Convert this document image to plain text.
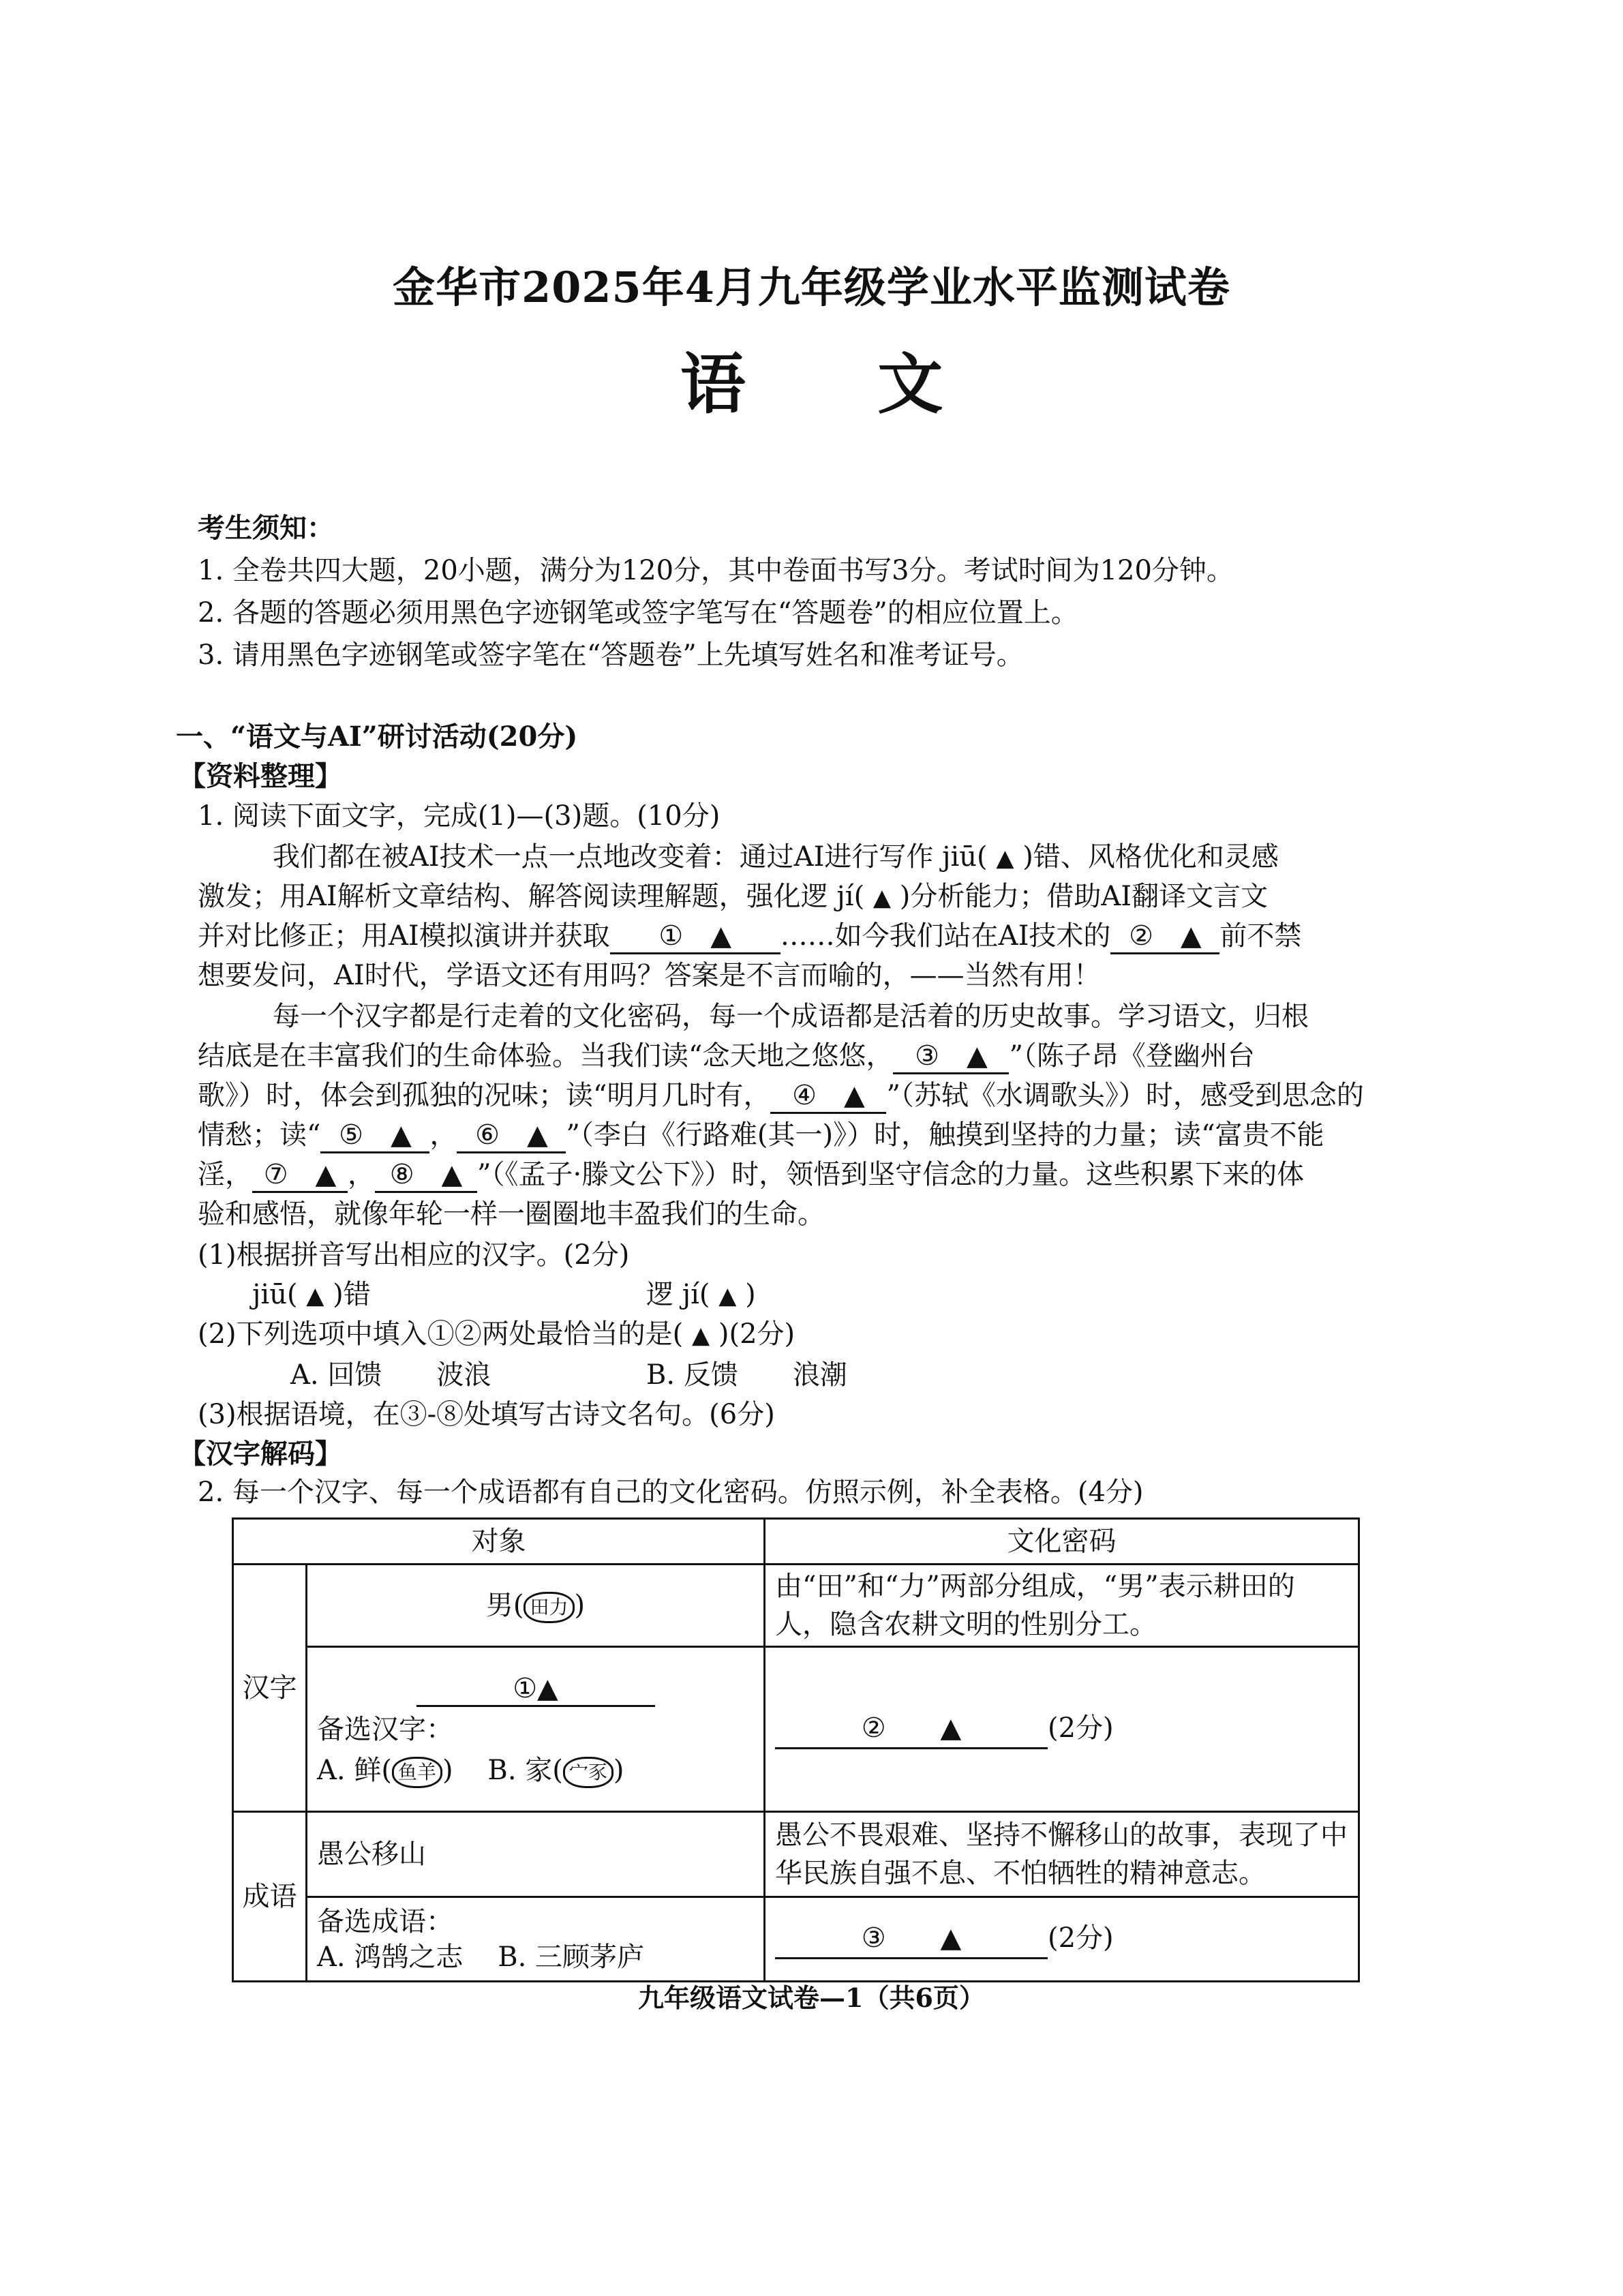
金华市2025年4月九年级学业水平监测试卷
语 文
考生须知：
1. 全卷共四大题，20小题，满分为120分，其中卷面书写3分。考试时间为120分钟。
2. 各题的答题必须用黑色字迹钢笔或签字笔写在“答题卷”的相应位置上。
3. 请用黑色字迹钢笔或签字笔在“答题卷”上先填写姓名和准考证号。
一、“语文与AI”研讨活动(20分)
【资料整理】
1. 阅读下面文字，完成(1)—(3)题。(10分)
我们都在被AI技术一点一点地改变着：通过AI进行写作 jiū( ▲ )错、风格优化和灵感
激发；用AI解析文章结构、解答阅读理解题，强化逻 jí( ▲ )分析能力；借助AI翻译文言文
并对比修正；用AI模拟演讲并获取 ①　▲ ……如今我们站在AI技术的 ②　▲ 前不禁
想要发问，AI时代，学语文还有用吗？答案是不言而喻的，——当然有用！
每一个汉字都是行走着的文化密码，每一个成语都是活着的历史故事。学习语文，归根
结底是在丰富我们的生命体验。当我们读“念天地之悠悠， ③　▲ ”（陈子昂《登幽州台
歌》）时，体会到孤独的况味；读“明月几时有， ④　▲ ”（苏轼《水调歌头》）时，感受到思念的
情愁；读“ ⑤　▲ ， ⑥　▲ ”（李白《行路难(其一)》）时，触摸到坚持的力量；读“富贵不能
淫， ⑦　▲ ， ⑧　▲ ”（《孟子·滕文公下》）时，领悟到坚守信念的力量。这些积累下来的体
验和感悟，就像年轮一样一圈圈地丰盈我们的生命。
(1)根据拼音写出相应的汉字。(2分)
jiū( ▲ )错	逻 jí( ▲ )
(2)下列选项中填入①②两处最恰当的是( ▲ )(2分)
A. 回馈　　波浪	B. 反馈　　浪潮
(3)根据语境，在③-⑧处填写古诗文名句。(6分)
【汉字解码】
2. 每一个汉字、每一个成语都有自己的文化密码。仿照示例，补全表格。(4分)
对象		文化密码
汉字	男( 田力 )	由“田”和“力”两部分组成，“男”表示耕田的人，隐含农耕文明的性别分工。

	①▲
备选汉字：
A. 鲜( 鱼羊 ) B. 家( 宀豕 )	②　　▲ (2分)
成语	愚公移山	愚公不畏艰难、坚持不懈移山的故事，表现了中华民族自强不息、不怕牺牲的精神意志。

	备选成语：
A. 鸿鹄之志 B. 三顾茅庐	③　　▲ (2分)
九年级语文试卷—1（共6页）
